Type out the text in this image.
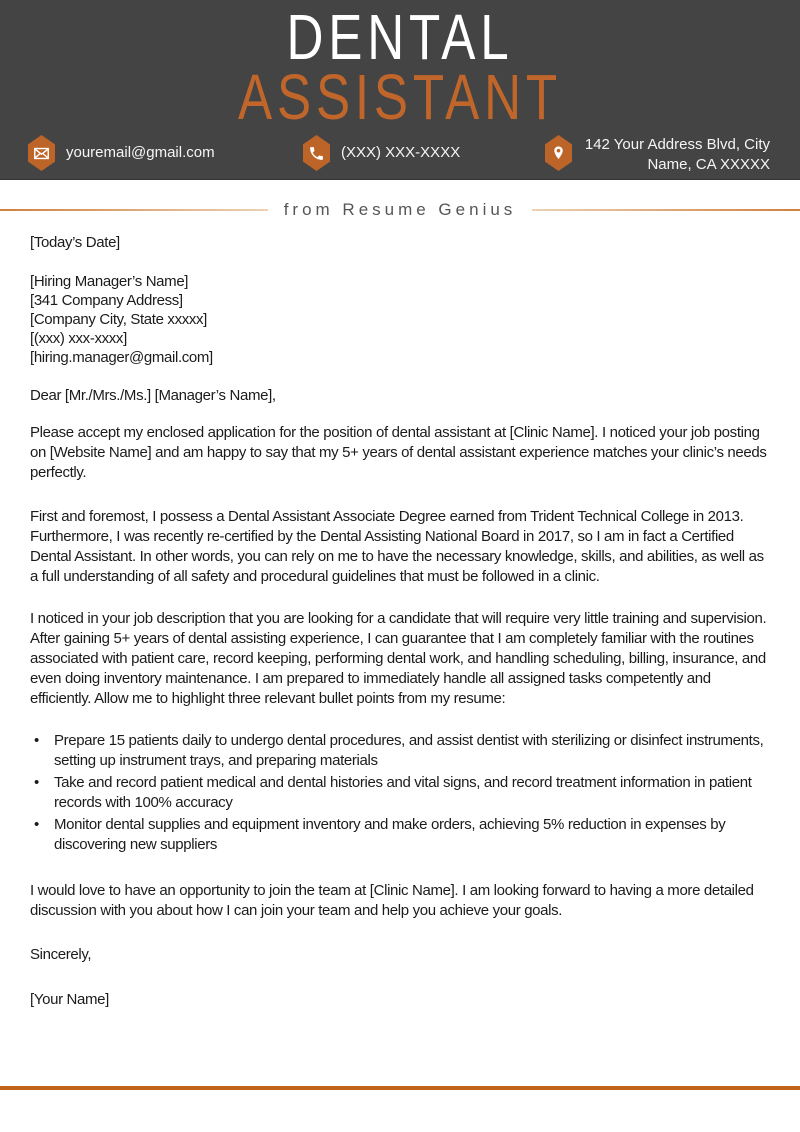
DENTAL
ASSISTANT
youremail@gmail.com	(XXX) XXX-XXXX	142 Your Address Blvd, City
Name, CA XXXXX
from Resume Genius

[Today’s Date]

[Hiring Manager’s Name]

[341 Company Address]

[Company City, State xxxxx]

[(xxx) xxx-xxxx]

[hiring.manager@gmail.com]

Dear [Mr./Mrs./Ms.] [Manager’s Name],

Please accept my enclosed application for the position of dental assistant at [Clinic Name]. I noticed your job posting on [Website Name] and am happy to say that my 5+ years of dental assistant experience matches your clinic’s needs perfectly.

First and foremost, I possess a Dental Assistant Associate Degree earned from Trident Technical College in 2013. Furthermore, I was recently re-certified by the Dental Assisting National Board in 2017, so I am in fact a Certified Dental Assistant. In other words, you can rely on me to have the necessary knowledge, skills, and abilities, as well as a full understanding of all safety and procedural guidelines that must be followed in a clinic.

I noticed in your job description that you are looking for a candidate that will require very little training and supervision. After gaining 5+ years of dental assisting experience, I can guarantee that I am completely familiar with the routines associated with patient care, record keeping, performing dental work, and handling scheduling, billing, insurance, and even doing inventory maintenance. I am prepared to immediately handle all assigned tasks competently and efficiently. Allow me to highlight three relevant bullet points from my resume:

• Prepare 15 patients daily to undergo dental procedures, and assist dentist with sterilizing or disinfect instruments, setting up instrument trays, and preparing materials
• Take and record patient medical and dental histories and vital signs, and record treatment information in patient records with 100% accuracy
• Monitor dental supplies and equipment inventory and make orders, achieving 5% reduction in expenses by discovering new suppliers

I would love to have an opportunity to join the team at [Clinic Name]. I am looking forward to having a more detailed discussion with you about how I can join your team and help you achieve your goals.

Sincerely,

[Your Name]
